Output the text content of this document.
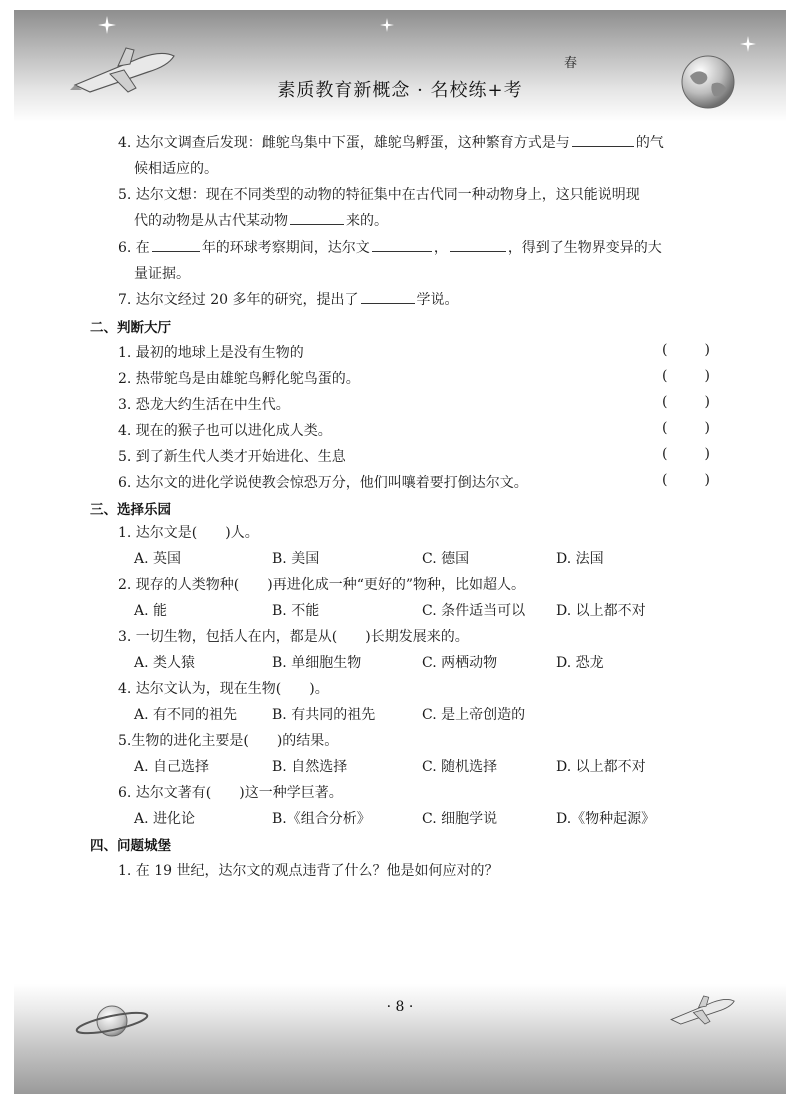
春
素质教育新概念 · 名校练+考
4. 达尔文调查后发现：雌鸵鸟集中下蛋，雄鸵鸟孵蛋，这种繁育方式是与	的气
候相适应的。
5. 达尔文想：现在不同类型的动物的特征集中在古代同一种动物身上，这只能说明现
代的动物是从古代某动物	来的。
6. 在	年的环球考察期间，达尔文	，	，得到了生物界变异的大
量证据。
7. 达尔文经过 20 多年的研究，提出了	学说。
二、判断大厅
1. 最初的地球上是没有生物的	(	)
2. 热带鸵鸟是由雄鸵鸟孵化鸵鸟蛋的。	(	)
3. 恐龙大约生活在中生代。	(	)
4. 现在的猴子也可以进化成人类。	(	)
5. 到了新生代人类才开始进化、生息	(	)
6. 达尔文的进化学说使教会惊恐万分，他们叫嚷着要打倒达尔文。	(	)
三、选择乐园
1. 达尔文是(　　)人。
A. 英国	B. 美国	C. 德国	D. 法国
2. 现存的人类物种(　　)再进化成一种“更好的”物种，比如超人。
A. 能	B. 不能	C. 条件适当可以 D. 以上都不对
3. 一切生物，包括人在内，都是从(　　)长期发展来的。
A. 类人猿	B. 单细胞生物	C. 两栖动物	D. 恐龙
4. 达尔文认为，现在生物(　　)。
A. 有不同的祖先 B. 有共同的祖先	C. 是上帝创造的
5.生物的进化主要是(　　)的结果。
A. 自己选择	B. 自然选择	C. 随机选择	D. 以上都不对
6. 达尔文著有(　　)这一种学巨著。
A. 进化论	B.《组合分析》	C. 细胞学说	D.《物种起源》
四、问题城堡
1. 在 19 世纪，达尔文的观点违背了什么？他是如何应对的？
· 8 ·
